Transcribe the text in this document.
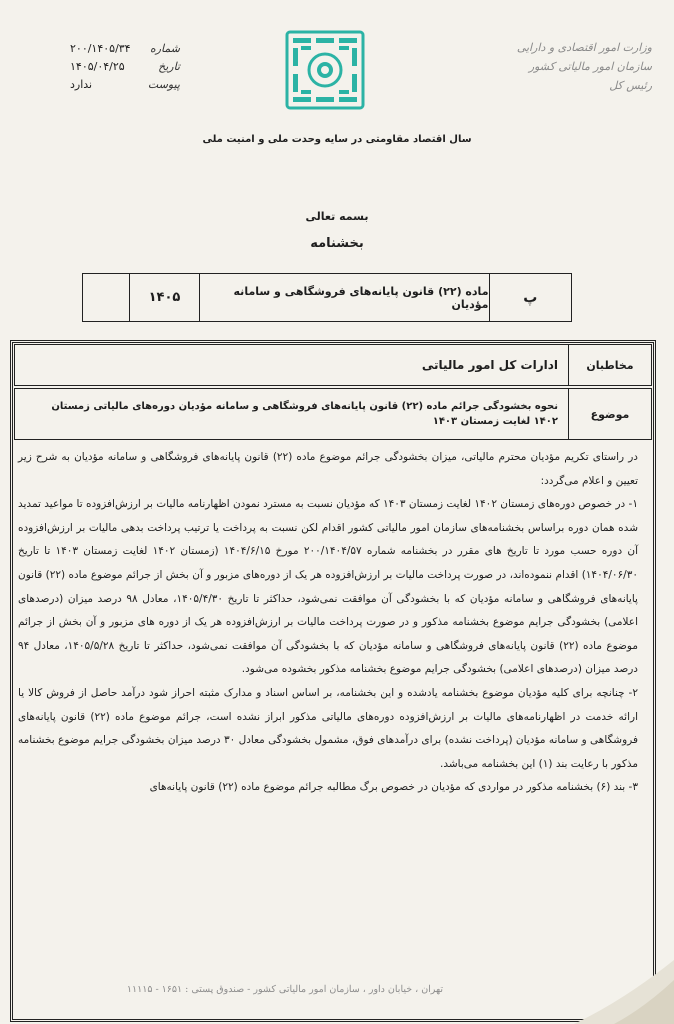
شماره
۲۰۰/۱۴۰۵/۳۴
تاریخ
۱۴۰۵/۰۴/۲۵
پیوست
ندارد
وزارت امور اقتصادی و دارایی
سازمان امور مالیاتی کشور
رئیس کل
سال اقتصاد مقاومتی در سایه وحدت ملی و امنیت ملی
بسمه تعالی
بخشنامه
پ
ماده (۲۲) قانون پایانه‌های فروشگاهی و سامانه مؤدیان
۱۴۰۵
مخاطبان
ادارات کل امور مالیاتی
موضوع
نحوه بخشودگی جرائم ماده (۲۲) قانون پایانه‌های فروشگاهی و سامانه مؤدیان دوره‌های مالیاتی زمستان ۱۴۰۲ لغایت زمستان ۱۴۰۳

در راستای تکریم مؤدیان محترم مالیاتی، میزان بخشودگی جرائم موضوع ماده (۲۲) قانون پایانه‌های فروشگاهی و سامانه مؤدیان به شرح زیر تعیین و اعلام می‌گردد:

۱- در خصوص دوره‌های زمستان ۱۴۰۲ لغایت زمستان ۱۴۰۳ که مؤدیان نسبت به مسترد نمودن اظهارنامه مالیات بر ارزش‌افزوده تا مواعید تمدید شده همان دوره براساس بخشنامه‌های سازمان امور مالیاتی کشور اقدام لکن نسبت به پرداخت یا ترتیب پرداخت بدهی مالیات بر ارزش‌افزوده آن دوره حسب مورد تا تاریخ های مقرر در بخشنامه شماره ۲۰۰/۱۴۰۴/۵۷ مورخ ۱۴۰۴/۶/۱۵ (زمستان ۱۴۰۲ لغایت زمستان ۱۴۰۳ تا تاریخ ۱۴۰۴/۰۶/۳۰) اقدام ننموده‌اند، در صورت پرداخت مالیات بر ارزش‌افزوده هر یک از دوره‌های مزبور و آن بخش از جرائم موضوع ماده (۲۲) قانون پایانه‌های فروشگاهی و سامانه مؤدیان که با بخشودگی آن موافقت نمی‌شود، حداکثر تا تاریخ ۱۴۰۵/۴/۳۰، معادل ۹۸ درصد میزان (درصدهای اعلامی) بخشودگی جرایم موضوع بخشنامه مذکور و در صورت پرداخت مالیات بر ارزش‌افزوده هر یک از دوره های مزبور و آن بخش از جرائم موضوع ماده (۲۲) قانون پایانه‌های فروشگاهی و سامانه مؤدیان که با بخشودگی آن موافقت نمی‌شود، حداکثر تا تاریخ ۱۴۰۵/۵/۲۸، معادل ۹۴ درصد میزان (درصدهای اعلامی) بخشودگی جرایم موضوع بخشنامه مذکور بخشوده می‌شود.

۲- چنانچه برای کلیه مؤدیان موضوع بخشنامه یادشده و این بخشنامه، بر اساس اسناد و مدارک مثبته احراز شود درآمد حاصل از فروش کالا یا ارائه خدمت در اظهارنامه‌های مالیات بر ارزش‌افزوده دوره‌های مالیاتی مذکور ابراز نشده است، جرائم موضوع ماده (۲۲) قانون پایانه‌های فروشگاهی و سامانه مؤدیان (پرداخت نشده) برای درآمدهای فوق، مشمول بخشودگی معادل ۳۰ درصد میزان بخشودگی جرایم موضوع بخشنامه مذکور با رعایت بند (۱) این بخشنامه می‌باشد.

۳- بند (۶) بخشنامه مذکور در مواردی که مؤدیان در خصوص برگ مطالبه جرائم موضوع ماده (۲۲) قانون پایانه‌های

تهران ، خیابان داور ، سازمان امور مالیاتی کشور - صندوق پستی : ۱۶۵۱ - ۱۱۱۱۵
